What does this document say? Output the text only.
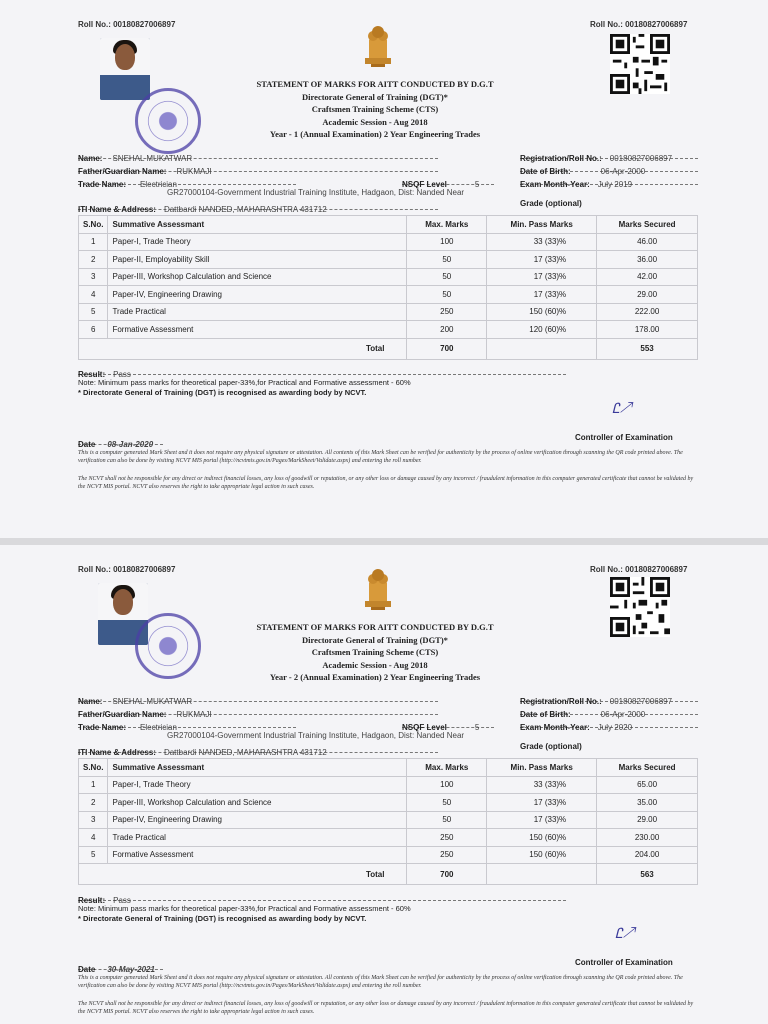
Roll No.: 00180827006897	Roll No.: 00180827006897
STATEMENT OF MARKS FOR AITT CONDUCTED BY D.G.T
Directorate General of Training (DGT)*
Craftsmen Training Scheme (CTS)
Academic Session - Aug 2018
Year - 1 (Annual Examination) 2 Year Engineering Trades
Name: SNEHAL MUKATWAR
Father/Guardian Name: RUKMAJI
Trade Name: Electrician	NSQF Level	5
GR27000104-Government Industrial Training Institute, Hadgaon, Dist: Nanded Near
ITI Name & Address: Dattbardi NANDED, MAHARASHTRA 431712
Registration/Roll No.: 00180827006897
Date of Birth:	06-Apr-2000
Exam Month-Year: July 2019
Grade (optional)
S.No.	Summative Assessmant	Max. Marks	Min. Pass Marks	Marks Secured
1	Paper-I, Trade Theory	100	33 (33)%	46.00
2	Paper-II, Employability Skill	50	17 (33)%	36.00
3	Paper-III, Workshop Calculation and Science	50	17 (33)%	42.00
4	Paper-IV, Engineering Drawing	50	17 (33)%	29.00
5	Trade Practical	250	150 (60)%	222.00
6	Formative Assessment	200	120 (60)%	178.00
Total		700		553
Result: Pass
Note: Minimum pass marks for theoretical paper-33%,for Practical and Formative assessment - 60%
* Directorate General of Training (DGT) is recognised as awarding body by NCVT.
Ꮭ↗
Date 08-Jan-2020
Controller of Examination
This is a computer generated Mark Sheet and it does not require any physical signature or attestation. All contents of this Mark Sheet can be verified for authenticity by the process of online verification through scanning the QR code printed above. The verification can also be done by visiting NCVT MIS portal (http://ncvtmis.gov.in/Pages/MarkSheet/Validate.aspx) and entering the roll number.
The NCVT shall not be responsible for any direct or indirect financial losses, any loss of goodwill or reputation, or any other loss or damage caused by any incorrect / fraudulent information in this computer generated certificate that cannot be validated by the NCVT MIS portal. NCVT also reserves the right to take appropriate legal action in such cases.
Roll No.: 00180827006897	Roll No.: 00180827006897
STATEMENT OF MARKS FOR AITT CONDUCTED BY D.G.T
Directorate General of Training (DGT)*
Craftsmen Training Scheme (CTS)
Academic Session - Aug 2018
Year - 2 (Annual Examination) 2 Year Engineering Trades
Name: SNEHAL MUKATWAR
Father/Guardian Name: RUKMAJI
Trade Name: Electrician	NSQF Level	5
GR27000104-Government Industrial Training Institute, Hadgaon, Dist: Nanded Near
ITI Name & Address: Dattbardi NANDED, MAHARASHTRA 431712
Registration/Roll No.: 00180827006897
Date of Birth:	06-Apr-2000
Exam Month-Year: July 2020
Grade (optional)
S.No.	Summative Assessmant	Max. Marks	Min. Pass Marks	Marks Secured
1	Paper-I, Trade Theory	100	33 (33)%	65.00
2	Paper-III, Workshop Calculation and Science	50	17 (33)%	35.00
3	Paper-IV, Engineering Drawing	50	17 (33)%	29.00
4	Trade Practical	250	150 (60)%	230.00
5	Formative Assessment	250	150 (60)%	204.00
Total		700		563
Result: Pass
Note: Minimum pass marks for theoretical paper-33%,for Practical and Formative assessment - 60%
* Directorate General of Training (DGT) is recognised as awarding body by NCVT.
Ꮭ↗
Date 30-May-2021
Controller of Examination
This is a computer generated Mark Sheet and it does not require any physical signature or attestation. All contents of this Mark Sheet can be verified for authenticity by the process of online verification through scanning the QR code printed above. The verification can also be done by visiting NCVT MIS portal (http://ncvtmis.gov.in/Pages/MarkSheet/Validate.aspx) and entering the roll number.
The NCVT shall not be responsible for any direct or indirect financial losses, any loss of goodwill or reputation, or any other loss or damage caused by any incorrect / fraudulent information in this computer generated certificate that cannot be validated by the NCVT MIS portal. NCVT also reserves the right to take appropriate legal action in such cases.
